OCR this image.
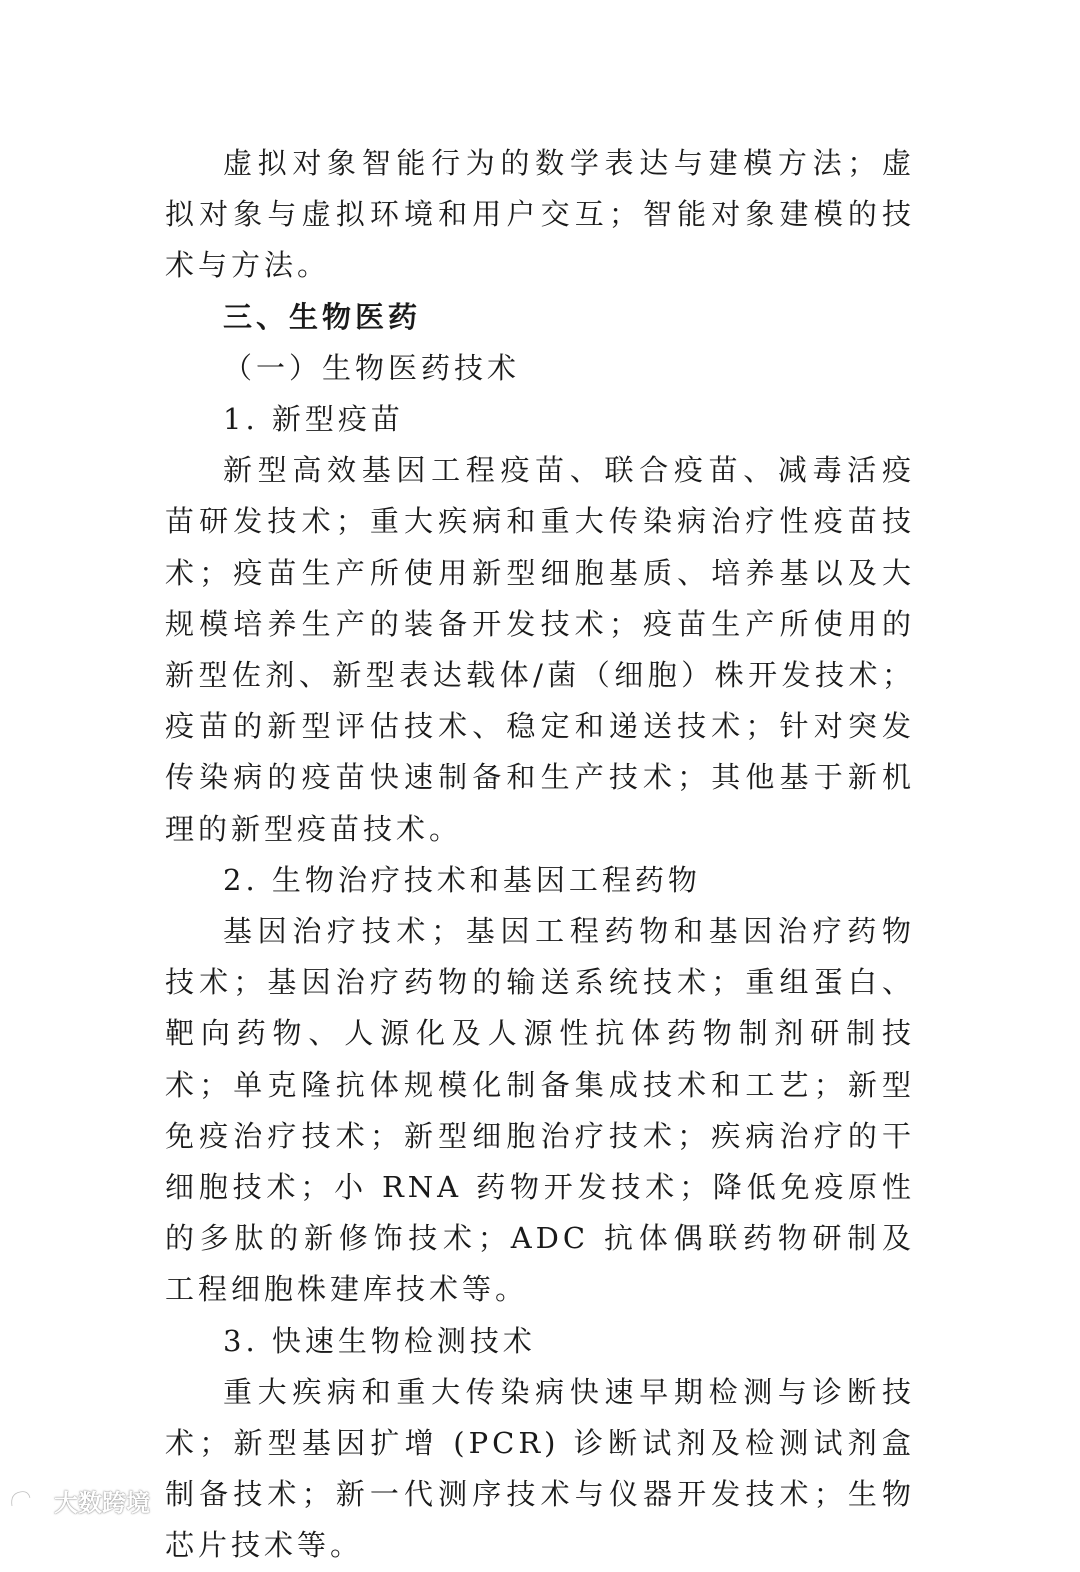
虚拟对象智能行为的数学表达与建模方法；虚拟对象与虚拟环境和用户交互；智能对象建模的技术与方法。

三、生物医药

（一）生物医药技术

1. 新型疫苗

新型高效基因工程疫苗、联合疫苗、减毒活疫苗研发技术；重大疾病和重大传染病治疗性疫苗技术；疫苗生产所使用新型细胞基质、培养基以及大规模培养生产的装备开发技术；疫苗生产所使用的新型佐剂、新型表达载体/菌（细胞）株开发技术；疫苗的新型评估技术、稳定和递送技术；针对突发传染病的疫苗快速制备和生产技术；其他基于新机理的新型疫苗技术。

2. 生物治疗技术和基因工程药物

基因治疗技术；基因工程药物和基因治疗药物技术；基因治疗药物的输送系统技术；重组蛋白、靶向药物、人源化及人源性抗体药物制剂研制技术；单克隆抗体规模化制备集成技术和工艺；新型免疫治疗技术；新型细胞治疗技术；疾病治疗的干细胞技术；小 RNA 药物开发技术；降低免疫原性的多肽的新修饰技术；ADC 抗体偶联药物研制及工程细胞株建库技术等。

3. 快速生物检测技术

重大疾病和重大传染病快速早期检测与诊断技术；新型基因扩增 (PCR) 诊断试剂及检测试剂盒制备技术；新一代测序技术与仪器开发技术；生物芯片技术等。

大数跨境
